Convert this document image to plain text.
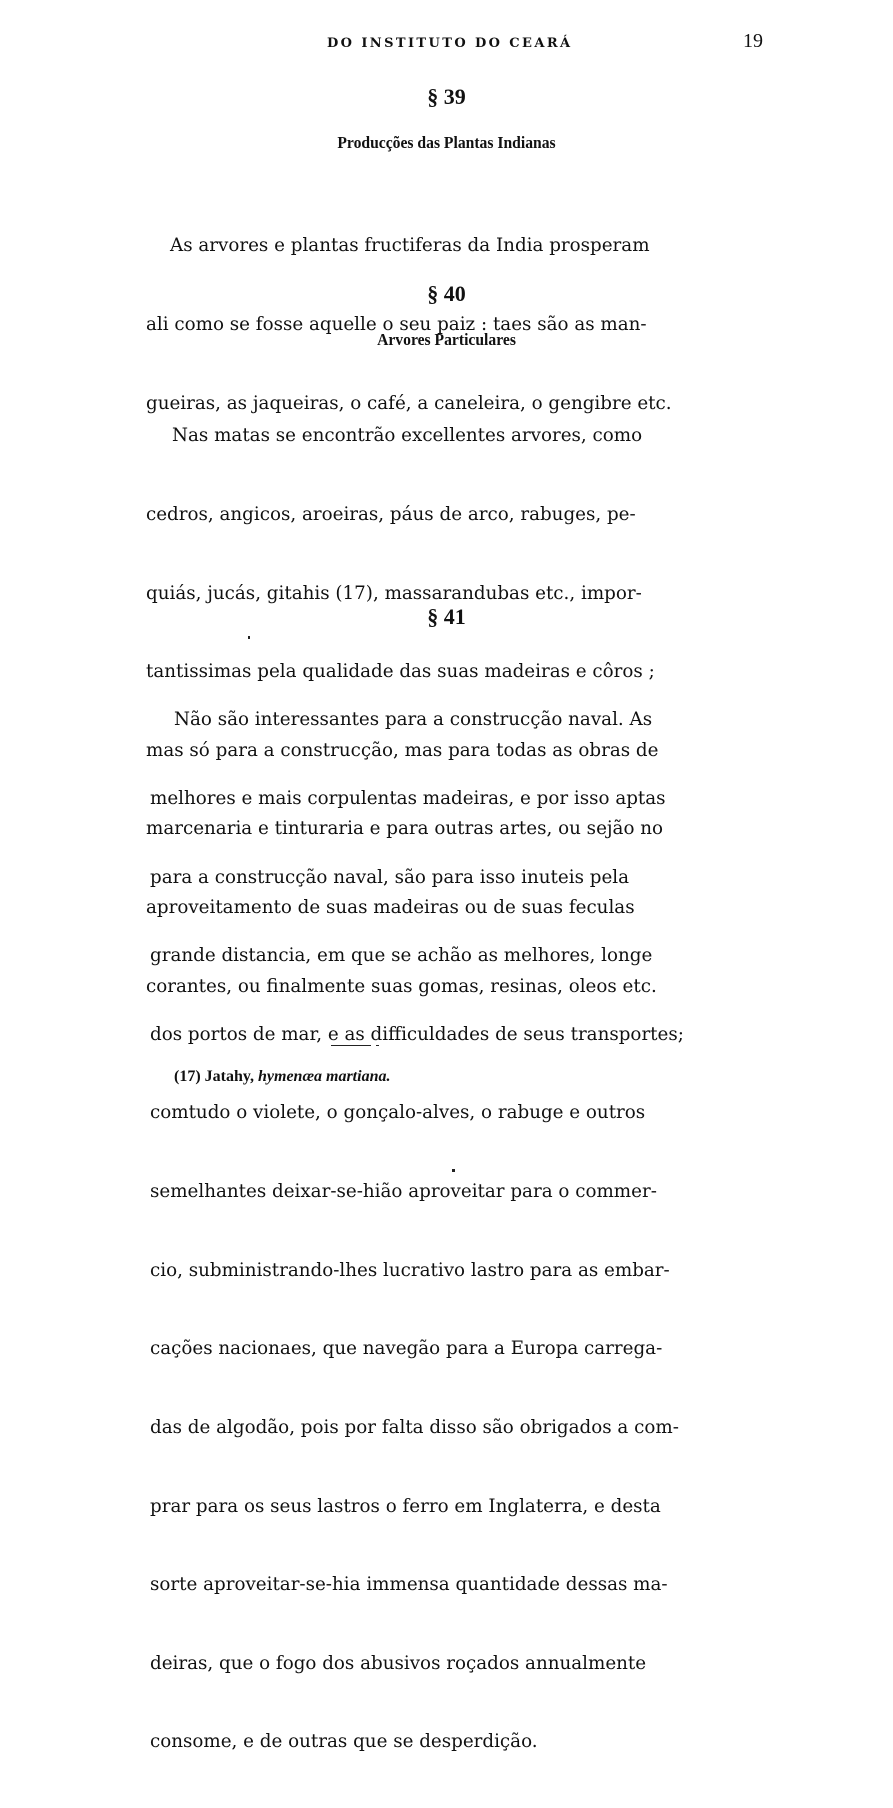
DO INSTITUTO DO CEARÁ	19
§ 39
Producções das Plantas Indianas

As arvores e plantas fructiferas da India prosperam

ali como se fosse aquelle o seu paiz : taes são as man-

gueiras, as jaqueiras, o café, a caneleira, o gengibre etc.

§ 40
Arvores Particulares

Nas matas se encontrão excellentes arvores, como

cedros, angicos, aroeiras, páus de arco, rabuges, pe-

quiás, jucás, gitahis (17), massarandubas etc., impor-

tantissimas pela qualidade das suas madeiras e côros ;

mas só para a construcção, mas para todas as obras de

marcenaria e tinturaria e para outras artes, ou sejão no

aproveitamento de suas madeiras ou de suas feculas

corantes, ou finalmente suas gomas, resinas, oleos etc.

§ 41

Não são interessantes para a construcção naval. As

melhores e mais corpulentas madeiras, e por isso aptas

para a construcção naval, são para isso inuteis pela

grande distancia, em que se achão as melhores, longe

dos portos de mar, e as difficuldades de seus transportes;

comtudo o violete, o gonçalo-alves, o rabuge e outros

semelhantes deixar-se-hião aproveitar para o commer-

cio, subministrando-lhes lucrativo lastro para as embar-

cações nacionaes, que navegão para a Europa carrega-

das de algodão, pois por falta disso são obrigados a com-

prar para os seus lastros o ferro em Inglaterra, e desta

sorte aproveitar-se-hia immensa quantidade dessas ma-

deiras, que o fogo dos abusivos roçados annualmente

consome, e de outras que se desperdição.

(17) Jatahy, hymenæa martiana.
